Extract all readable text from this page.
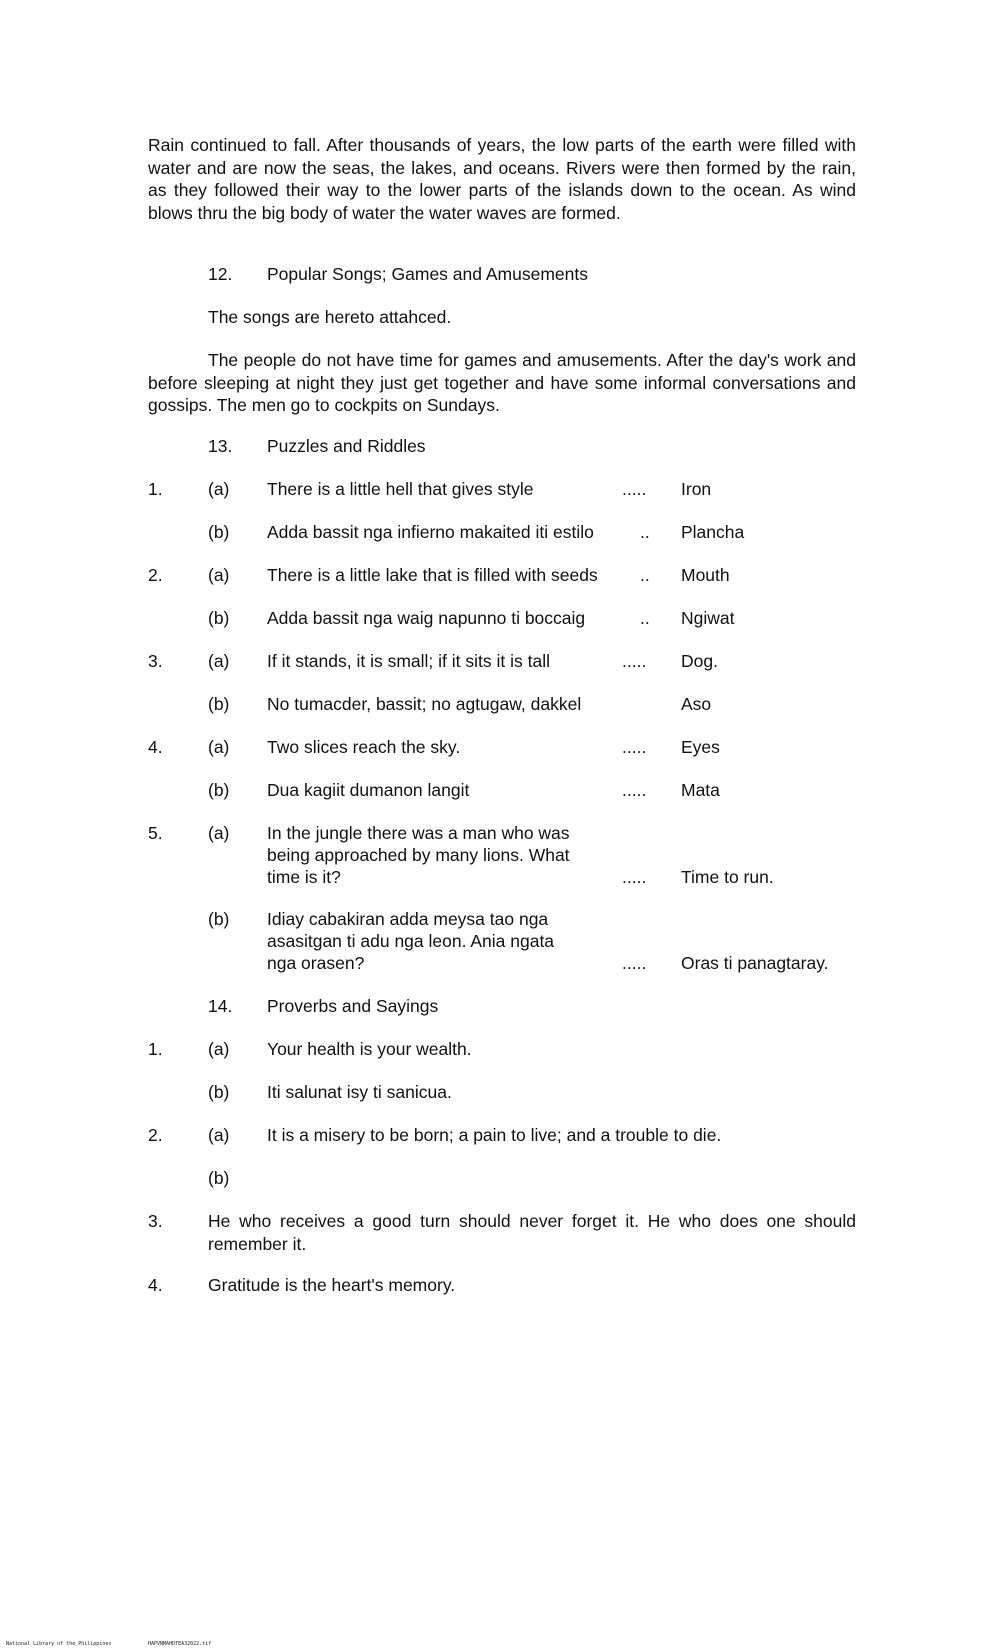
Rain continued to fall. After thousands of years, the low parts of the earth were filled with water and are now the seas, the lakes, and oceans. Rivers were then formed by the rain, as they followed their way to the lower parts of the islands down to the ocean. As wind blows thru the big body of water the water waves are formed.
12. Popular Songs; Games and Amusements
The songs are hereto attahced.
The people do not have time for games and amusements. After the day's work and before sleeping at night they just get together and have some informal conversations and gossips. The men go to cockpits on Sundays.
13. Puzzles and Riddles
1.	(a) There is a little hell that gives style	..... Iron
(b) Adda bassit nga infierno makaited iti estilo	.. Plancha
2.	(a) There is a little lake that is filled with seeds .. Mouth
(b) Adda bassit nga waig napunno ti boccaig	.. Ngiwat
3.	(a) If it stands, it is small; if it sits it is tall	..... Dog.
(b) No tumacder, bassit; no agtugaw, dakkel	Aso
4.	(a) Two slices reach the sky.	..... Eyes
(b) Dua kagiit dumanon langit	..... Mata
5.	(a) In the jungle there was a man who was
being approached by many lions. What
time is it?	..... Time to run.
(b) Idiay cabakiran adda meysa tao nga
asasitgan ti adu nga leon. Ania ngata
nga orasen?	..... Oras ti panagtaray.
14. Proverbs and Sayings
1.	(a) Your health is your wealth.
(b) Iti salunat isy ti sanicua.
2.	(a) It is a misery to be born; a pain to live; and a trouble to die.
(b)
3.	He who receives a good turn should never forget it. He who does one should remember it.
4.	Gratitude is the heart's memory.
National Library of the Philippines	HAPVNMAHDTEA32022.tif
